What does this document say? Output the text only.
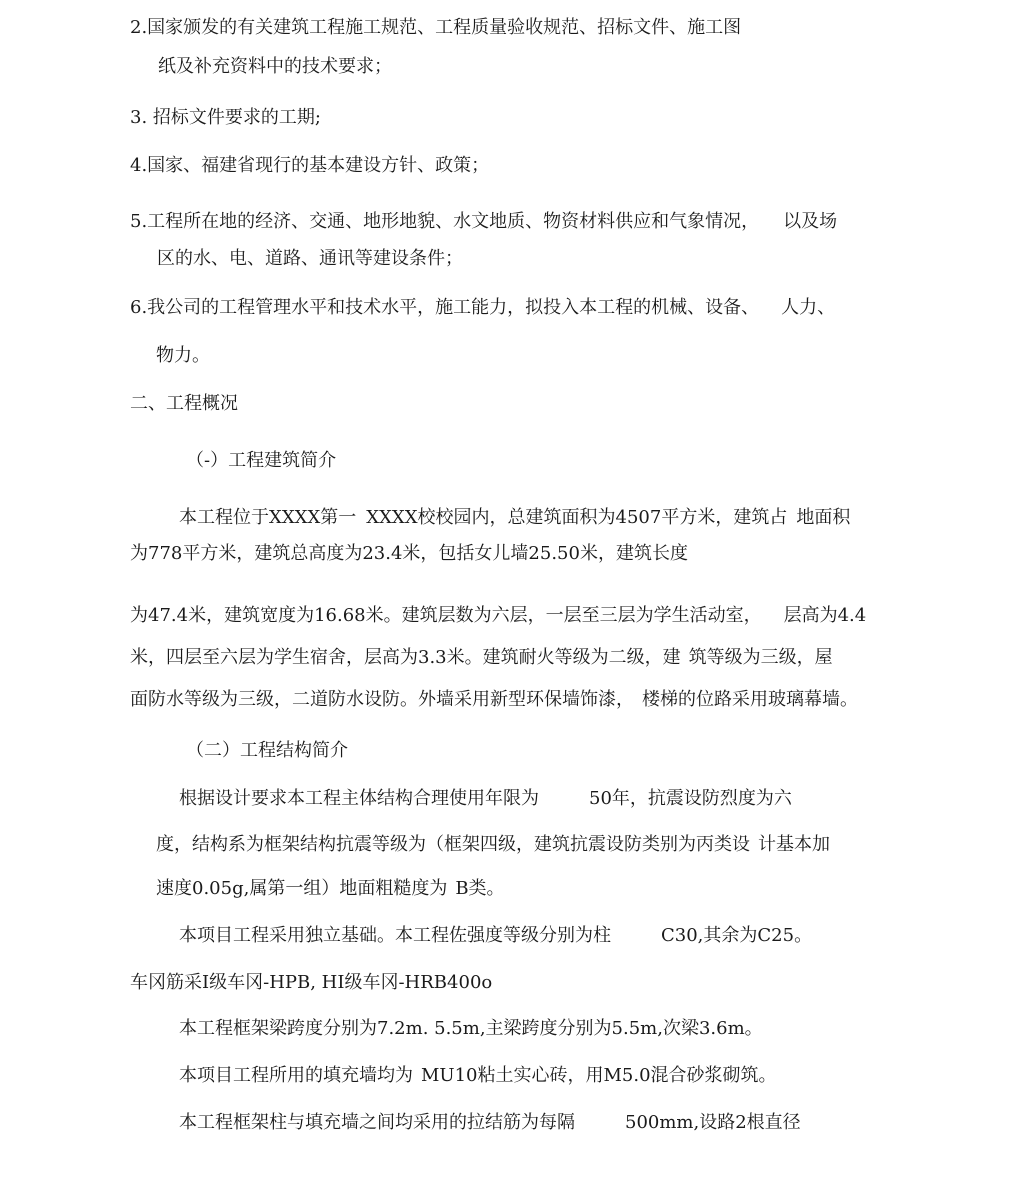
2.国家颁发的有关建筑工程施工规范、工程质量验收规范、招标文件、施工图
纸及补充资料中的技术要求；
3. 招标文件要求的工期;
4.国家、福建省现行的基本建设方针、政策；
5.工程所在地的经济、交通、地形地貌、水文地质、物资材料供应和气象情况， 以及场
区的水、电、道路、通讯等建设条件；
6.我公司的工程管理水平和技术水平，施工能力，拟投入本工程的机械、设备、 人力、
物力。
二、工程概况
（-）工程建筑简介
本工程位于XXXX第一 XXXX校校园内，总建筑面积为4507平方米，建筑占 地面积
为778平方米，建筑总高度为23.4米，包括女儿墙25.50米，建筑长度
为47.4米，建筑宽度为16.68米。建筑层数为六层，一层至三层为学生活动室， 层高为4.4
米，四层至六层为学生宿舍，层高为3.3米。建筑耐火等级为二级，建 筑等级为三级，屋
面防水等级为三级，二道防水设防。外墙采用新型环保墙饰漆， 楼梯的位路采用玻璃幕墙。
（二）工程结构简介
根据设计要求本工程主体结构合理使用年限为	50年，抗震设防烈度为六
度，结构系为框架结构抗震等级为（框架四级，建筑抗震设防类别为丙类设 计基本加
速度0.05g,属第一组）地面粗糙度为 B类。
本项目工程采用独立基础。本工程佐强度等级分别为柱	C30,其余为C25。
车冈筋采I级车冈-HPB, HI级车冈-HRB400o
本工程框架梁跨度分别为7.2m. 5.5m,主梁跨度分别为5.5m,次梁3.6m。
本项目工程所用的填充墙均为 MU10粘土实心砖，用M5.0混合砂浆砌筑。
本工程框架柱与填充墙之间均采用的拉结筋为每隔	500mm,设路2根直径
